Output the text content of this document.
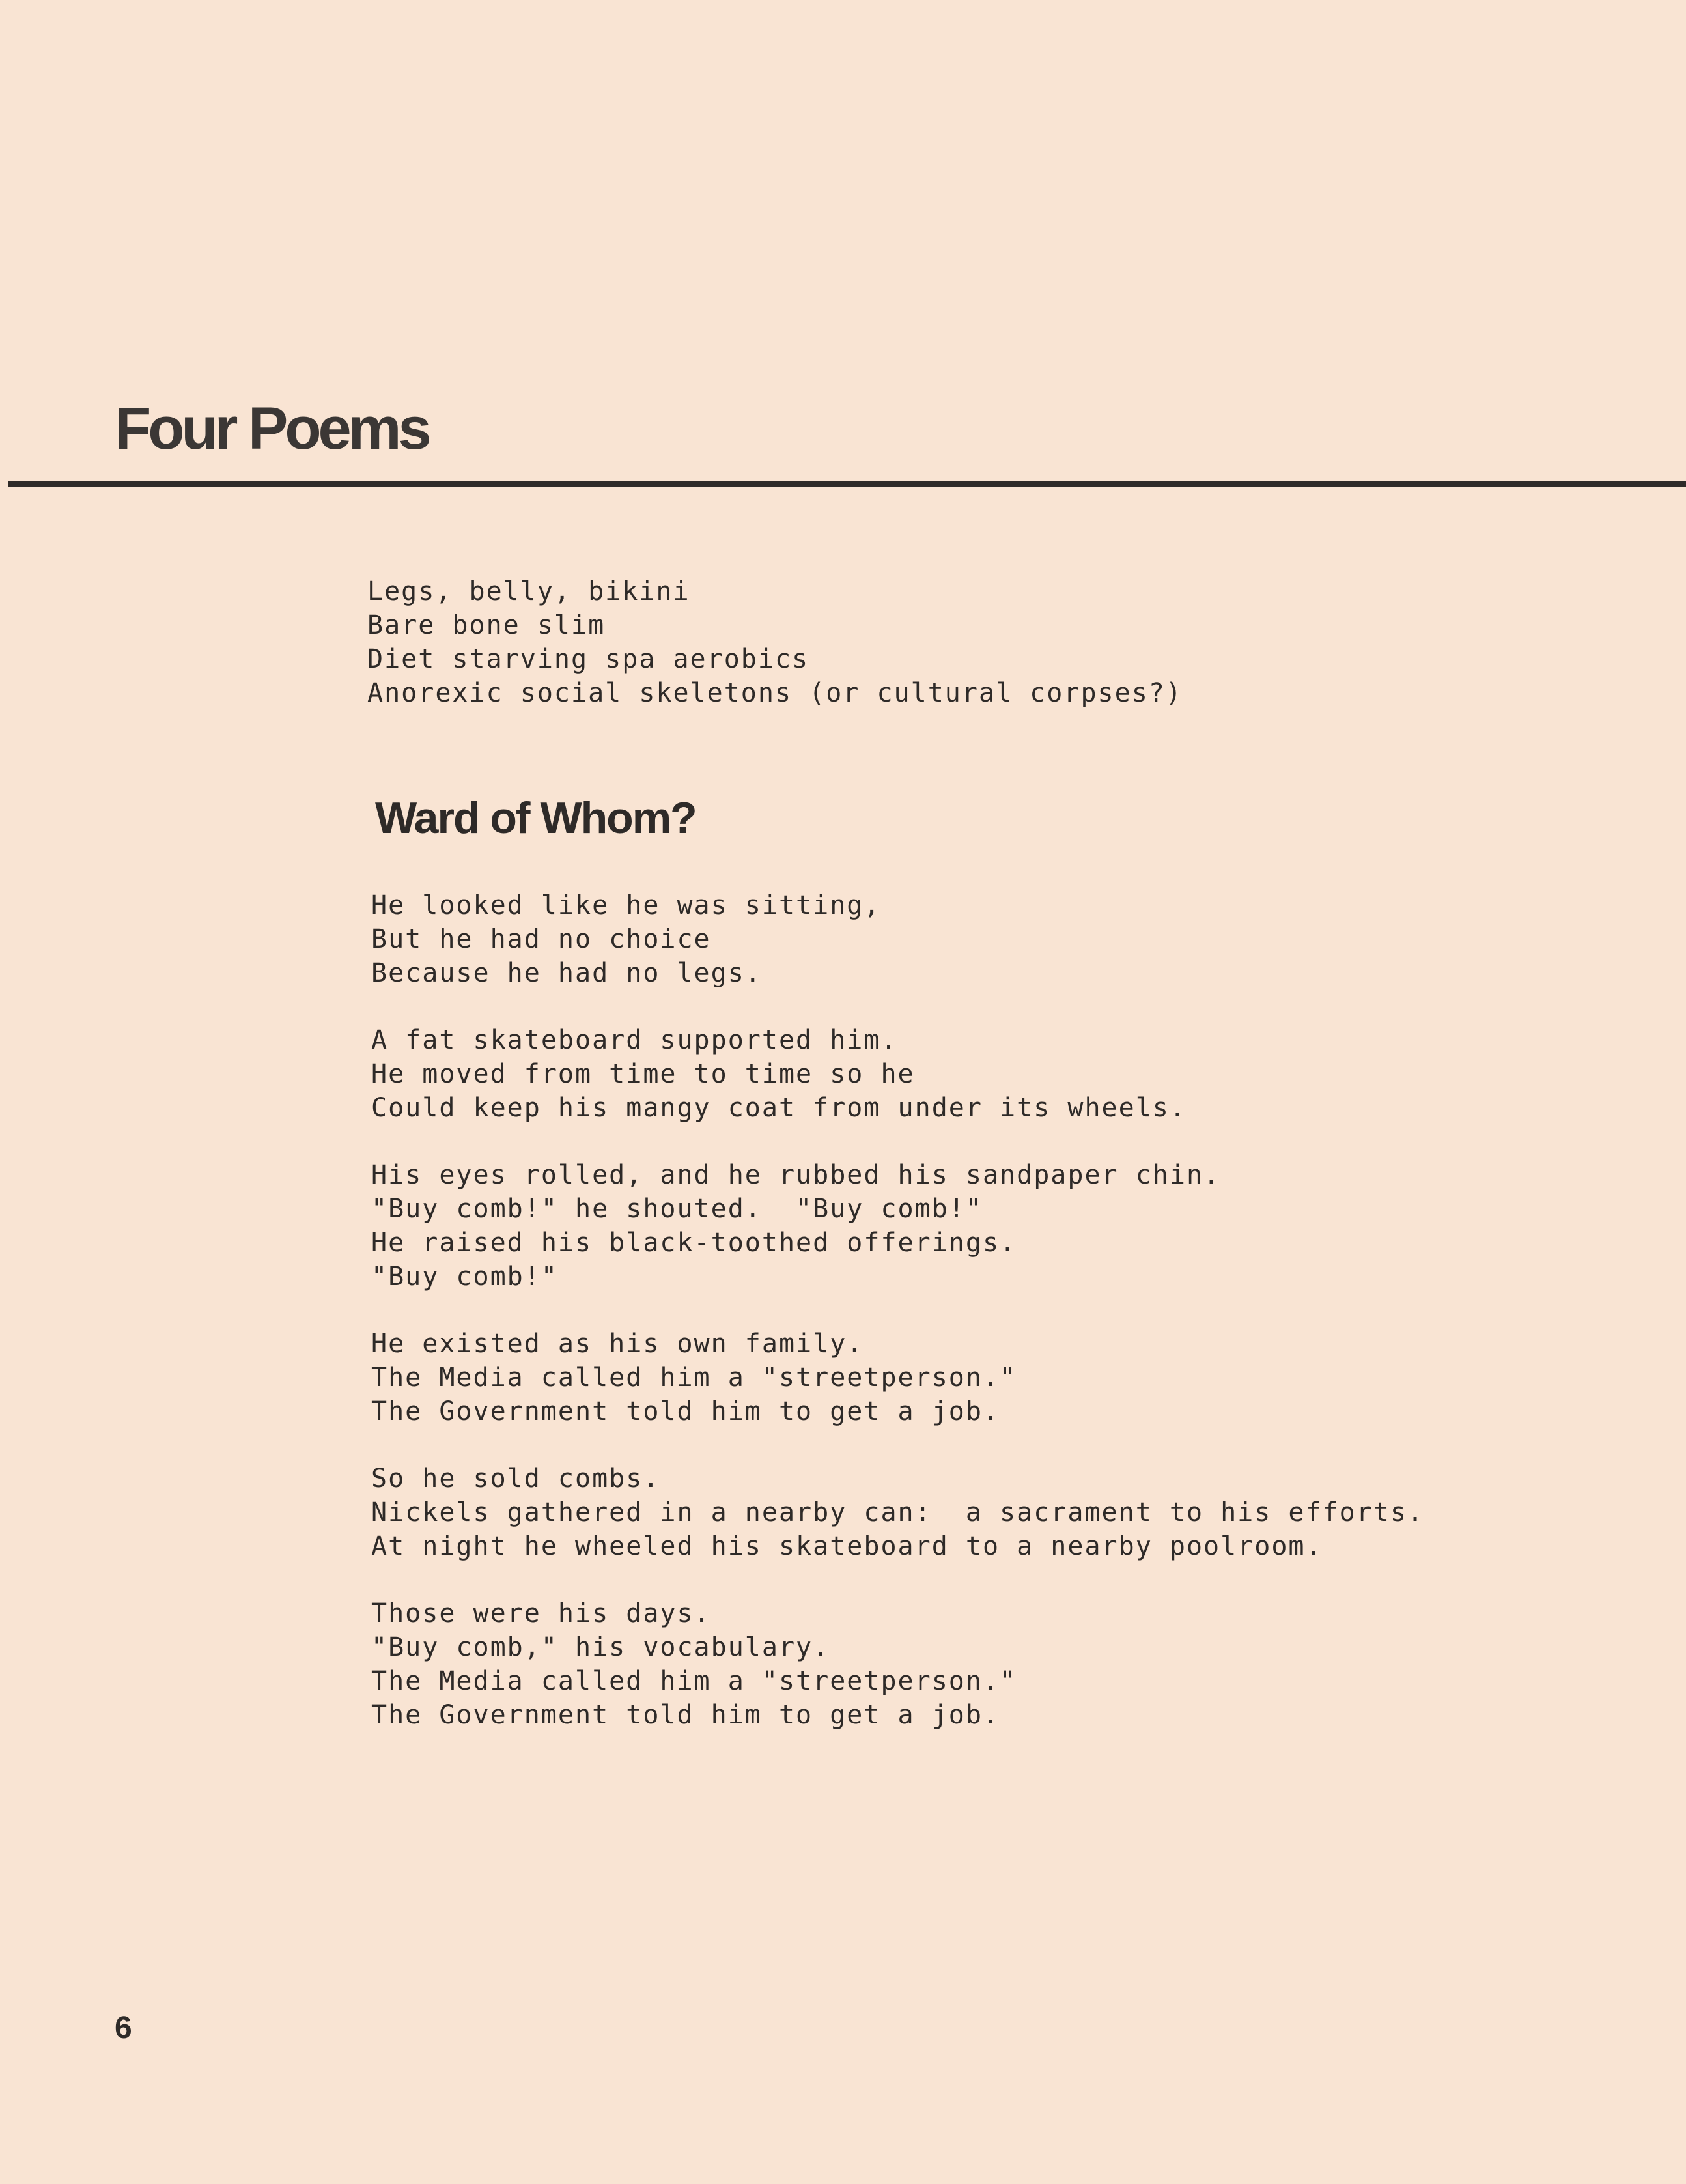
Four Poems
Legs, belly, bikini
Bare bone slim
Diet starving spa aerobics
Anorexic social skeletons (or cultural corpses?)
Ward of Whom?
He looked like he was sitting,
But he had no choice
Because he had no legs.
A fat skateboard supported him.
He moved from time to time so he
Could keep his mangy coat from under its wheels.
His eyes rolled, and he rubbed his sandpaper chin.
"Buy comb!" he shouted.  "Buy comb!"
He raised his black-toothed offerings.
"Buy comb!"
He existed as his own family.
The Media called him a "streetperson."
The Government told him to get a job.
So he sold combs.
Nickels gathered in a nearby can:  a sacrament to his efforts.
At night he wheeled his skateboard to a nearby poolroom.
Those were his days.
"Buy comb," his vocabulary.
The Media called him a "streetperson."
The Government told him to get a job.
6
